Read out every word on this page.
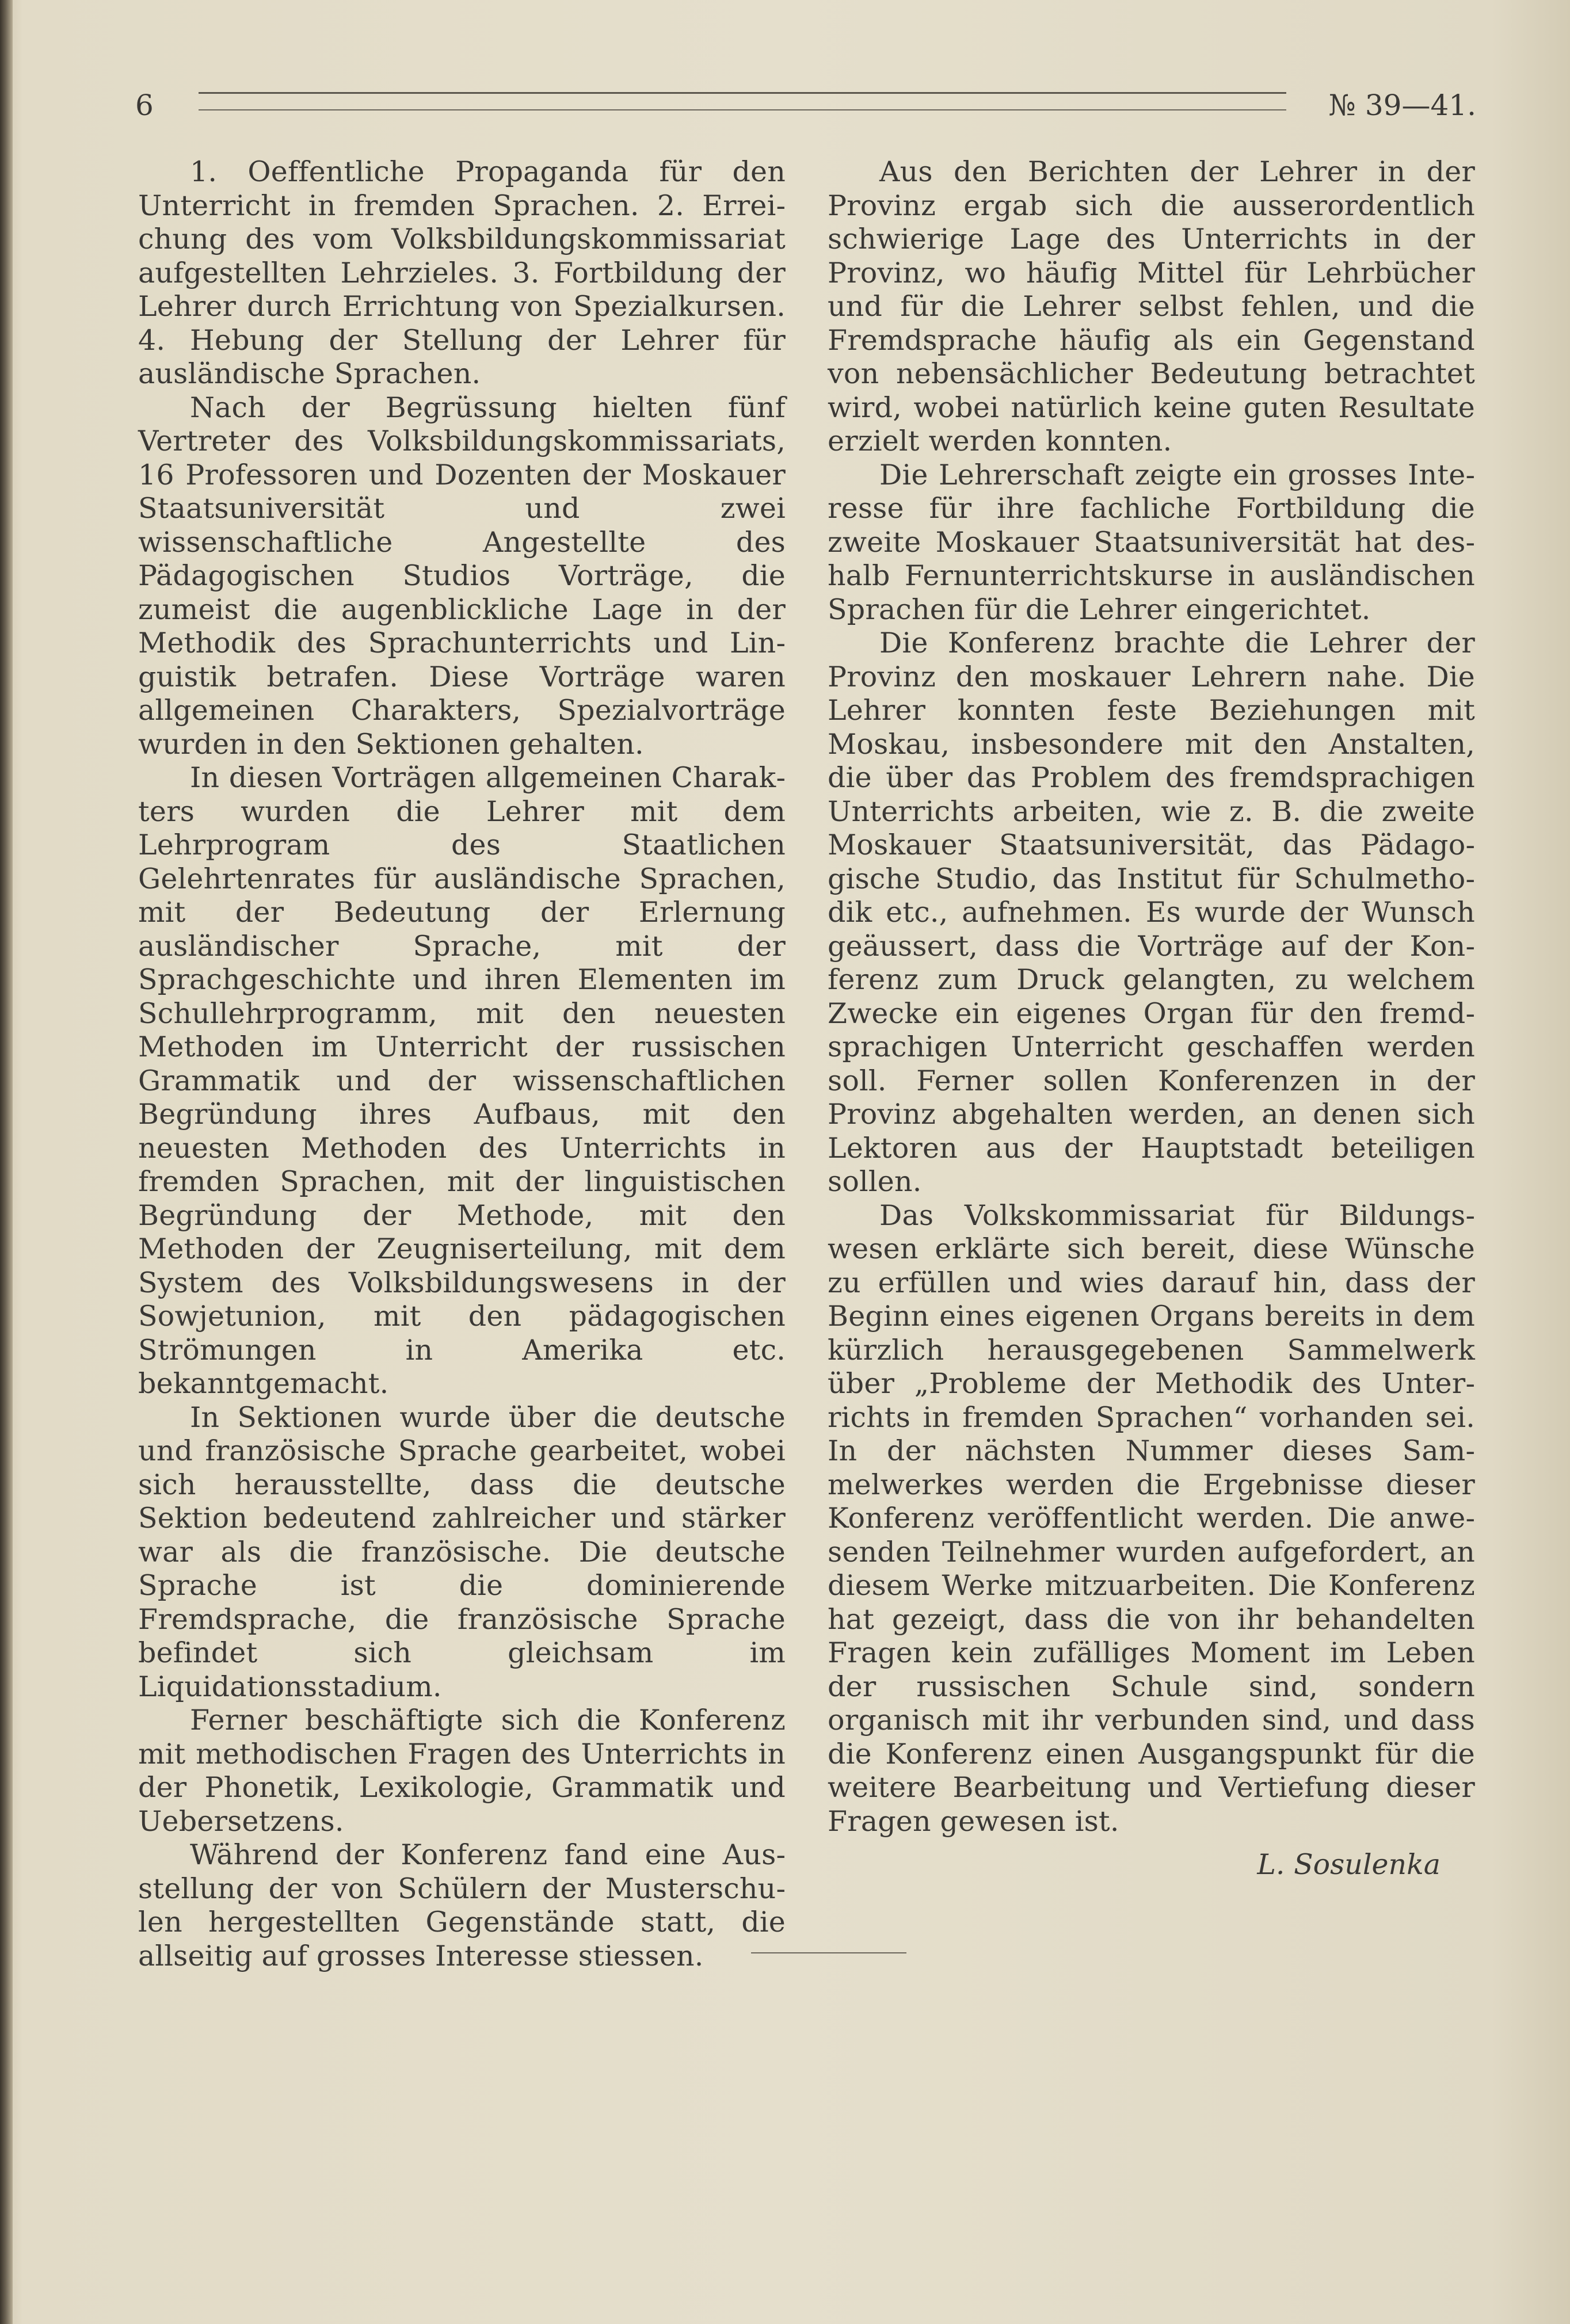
6	№ 39—41.

1. Oeffentliche Propaganda für den Unterricht in fremden Sprachen. 2. Erreichung des vom Volksbildungskommissariat aufgestellten Lehrzieles. 3. Fortbildung der Lehrer durch Errichtung von Spezialkursen. 4. Hebung der Stellung der Lehrer für ausländische Sprachen.

Nach der Begrüssung hielten fünf Vertreter des Volksbildungskommissariats, 16 Professoren und Dozenten der Moskauer Staatsuniversität und zwei wissenschaftliche Angestellte des Pädagogischen Studios Vorträge, die zumeist die augenblickliche Lage in der Methodik des Sprachunterrichts und Linguistik betrafen. Diese Vorträge waren allgemeinen Charakters, Spezialvorträge wurden in den Sektionen gehalten.

In diesen Vorträgen allgemeinen Charakters wurden die Lehrer mit dem Lehrprogram des Staatlichen Gelehrtenrates für ausländische Sprachen, mit der Bedeutung der Erlernung ausländischer Sprache, mit der Sprachgeschichte und ihren Elementen im Schullehrprogramm, mit den neuesten Methoden im Unterricht der russischen Grammatik und der wissenschaftlichen Begründung ihres Aufbaus, mit den neuesten Methoden des Unterrichts in fremden Sprachen, mit der linguistischen Begründung der Methode, mit den Methoden der Zeugniserteilung, mit dem System des Volksbildungswesens in der Sowjetunion, mit den pädagogischen Strömungen in Amerika etc. bekanntgemacht.

In Sektionen wurde über die deutsche und französische Sprache gearbeitet, wobei sich herausstellte, dass die deutsche Sektion bedeutend zahlreicher und stärker war als die französische. Die deutsche Sprache ist die dominierende Fremdsprache, die französische Sprache befindet sich gleichsam im Liquidationsstadium.

Ferner beschäftigte sich die Konferenz mit methodischen Fragen des Unterrichts in der Phonetik, Lexikologie, Grammatik und Uebersetzens.

Während der Konferenz fand eine Ausstellung der von Schülern der Musterschulen hergestellten Gegenstände statt, die allseitig auf grosses Interesse stiessen.

Aus den Berichten der Lehrer in der Provinz ergab sich die ausserordentlich schwierige Lage des Unterrichts in der Provinz, wo häufig Mittel für Lehrbücher und für die Lehrer selbst fehlen, und die Fremdsprache häufig als ein Gegenstand von nebensächlicher Bedeutung betrachtet wird, wobei natürlich keine guten Resultate erzielt werden konnten.

Die Lehrerschaft zeigte ein grosses Interesse für ihre fachliche Fortbildung die zweite Moskauer Staatsuniversität hat deshalb Fernunterrichtskurse in ausländischen Sprachen für die Lehrer eingerichtet.

Die Konferenz brachte die Lehrer der Provinz den moskauer Lehrern nahe. Die Lehrer konnten feste Beziehungen mit Moskau, insbesondere mit den Anstalten, die über das Problem des fremdsprachigen Unterrichts arbeiten, wie z. B. die zweite Moskauer Staatsuniversität, das Pädagogische Studio, das Institut für Schulmethodik etc., aufnehmen. Es wurde der Wunsch geäussert, dass die Vorträge auf der Konferenz zum Druck gelangten, zu welchem Zwecke ein eigenes Organ für den fremdsprachigen Unterricht geschaffen werden soll. Ferner sollen Konferenzen in der Provinz abgehalten werden, an denen sich Lektoren aus der Hauptstadt beteiligen sollen.

Das Volkskommissariat für Bildungswesen erklärte sich bereit, diese Wünsche zu erfüllen und wies darauf hin, dass der Beginn eines eigenen Organs bereits in dem kürzlich herausgegebenen Sammelwerk über „Probleme der Methodik des Unterrichts in fremden Sprachen“ vorhanden sei. In der nächsten Nummer dieses Sammelwerkes werden die Ergebnisse dieser Konferenz veröffentlicht werden. Die anwesenden Teilnehmer wurden aufgefordert, an diesem Werke mitzuarbeiten. Die Konferenz hat gezeigt, dass die von ihr behandelten Fragen kein zufälliges Moment im Leben der russischen Schule sind, sondern organisch mit ihr verbunden sind, und dass die Konferenz einen Ausgangspunkt für die weitere Bearbeitung und Vertiefung dieser Fragen gewesen ist.

L. Sosulenka
